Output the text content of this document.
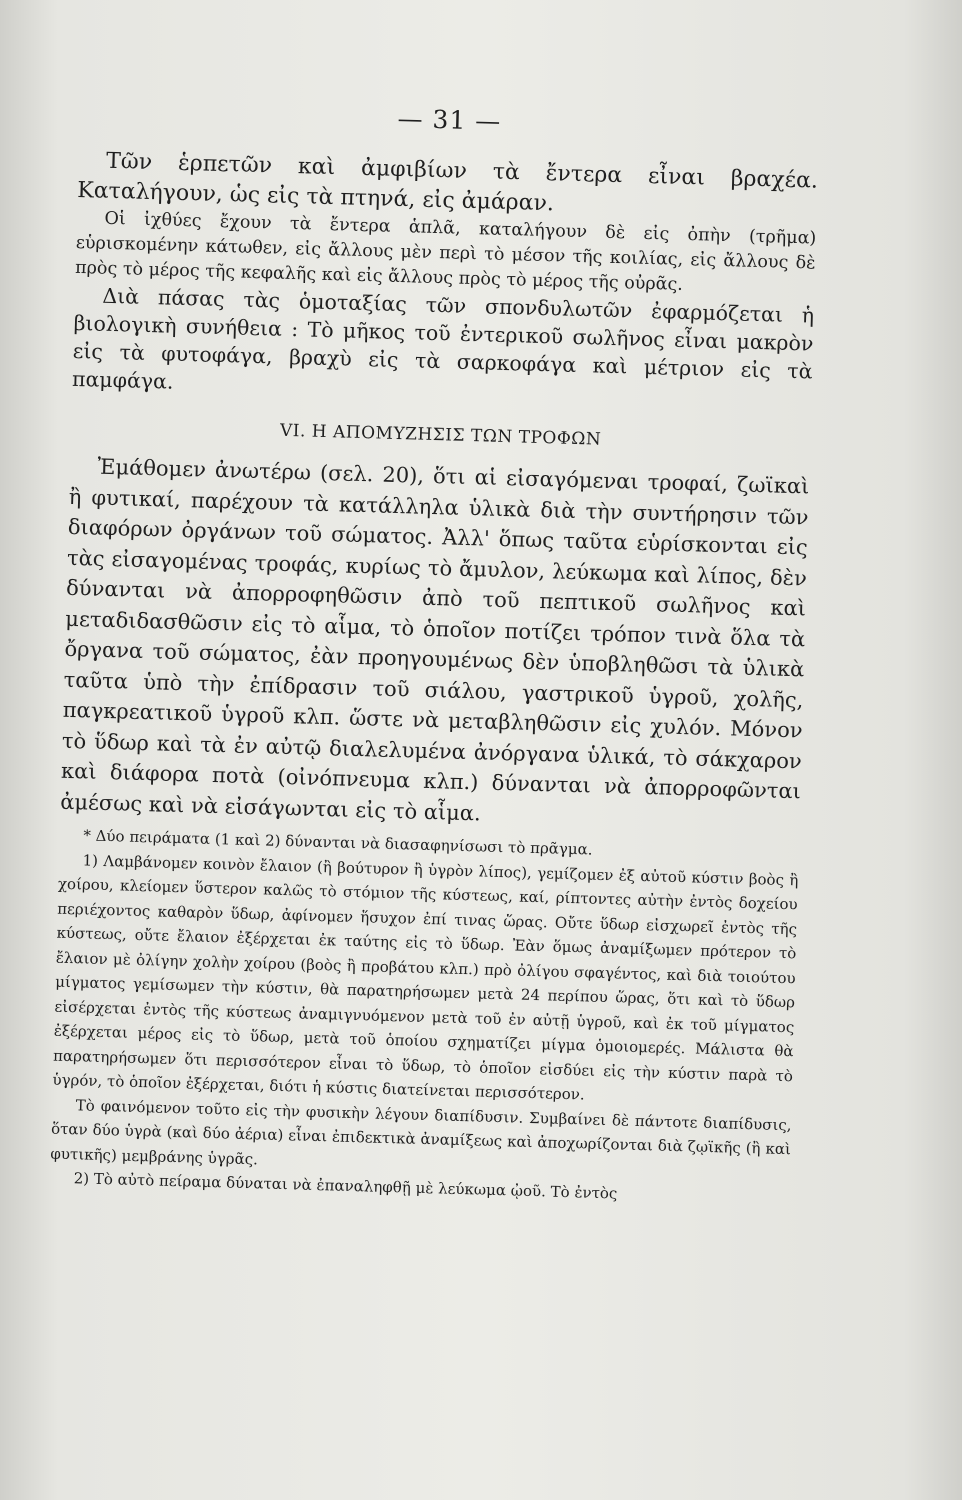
— 31 —

Τῶν ἑρπετῶν καὶ ἀμφιβίων τὰ ἔντερα εἶναι βραχέα. Καταλήγουν, ὡς εἰς τὰ πτηνά, εἰς ἀμάραν.

Οἱ ἰχθύες ἔχουν τὰ ἔντερα ἁπλᾶ, καταλήγουν δὲ εἰς ὀπὴν (τρῆμα) εὑρισκομένην κάτωθεν, εἰς ἄλλους μὲν περὶ τὸ μέσον τῆς κοιλίας, εἰς ἄλλους δὲ πρὸς τὸ μέρος τῆς κεφαλῆς καὶ εἰς ἄλλους πρὸς τὸ μέρος τῆς οὐρᾶς.

Διὰ πάσας τὰς ὁμοταξίας τῶν σπονδυλωτῶν ἐφαρμόζεται ἡ βιολογικὴ συνήθεια : Τὸ μῆκος τοῦ ἐντερικοῦ σωλῆνος εἶναι μακρὸν εἰς τὰ φυτοφάγα, βραχὺ εἰς τὰ σαρκοφάγα καὶ μέτριον εἰς τὰ παμφάγα.

VI. Η ΑΠΟΜΥΖΗΣΙΣ ΤΩΝ ΤΡΟΦΩΝ

Ἐμάθομεν ἀνωτέρω (σελ. 20), ὅτι αἱ εἰσαγόμεναι τροφαί, ζωϊκαὶ ἢ φυτικαί, παρέχουν τὰ κατάλληλα ὑλικὰ διὰ τὴν συντήρησιν τῶν διαφόρων ὀργάνων τοῦ σώματος. Ἀλλ' ὅπως ταῦτα εὑρίσκονται εἰς τὰς εἰσαγομένας τροφάς, κυρίως τὸ ἄμυλον, λεύκωμα καὶ λίπος, δὲν δύνανται νὰ ἀπορροφηθῶσιν ἀπὸ τοῦ πεπτικοῦ σωλῆνος καὶ μεταδιδασθῶσιν εἰς τὸ αἷμα, τὸ ὁποῖον ποτίζει τρόπον τινὰ ὅλα τὰ ὄργανα τοῦ σώματος, ἐὰν προηγουμένως δὲν ὑποβληθῶσι τὰ ὑλικὰ ταῦτα ὑπὸ τὴν ἐπίδρασιν τοῦ σιάλου, γαστρικοῦ ὑγροῦ, χολῆς, παγκρεατικοῦ ὑγροῦ κλπ. ὥστε νὰ μεταβληθῶσιν εἰς χυλόν. Μόνον τὸ ὕδωρ καὶ τὰ ἐν αὐτῷ διαλελυμένα ἀνόργανα ὑλικά, τὸ σάκχαρον καὶ διάφορα ποτὰ (οἰνόπνευμα κλπ.) δύνανται νὰ ἀπορροφῶνται ἀμέσως καὶ νὰ εἰσάγωνται εἰς τὸ αἷμα.

* Δύο πειράματα (1 καὶ 2) δύνανται νὰ διασαφηνίσωσι τὸ πρᾶγμα.

1) Λαμβάνομεν κοινὸν ἔλαιον (ἢ βούτυρον ἢ ὑγρὸν λίπος), γεμίζομεν ἐξ αὐτοῦ κύστιν βοὸς ἢ χοίρου, κλείομεν ὕστερον καλῶς τὸ στόμιον τῆς κύστεως, καί, ρίπτοντες αὐτὴν ἐντὸς δοχείου περιέχοντος καθαρὸν ὕδωρ, ἀφίνομεν ἥσυχον ἐπί τινας ὥρας. Οὔτε ὕδωρ εἰσχωρεῖ ἐντὸς τῆς κύστεως, οὔτε ἔλαιον ἐξέρχεται ἐκ ταύτης εἰς τὸ ὕδωρ. Ἐὰν ὅμως ἀναμίξωμεν πρότερον τὸ ἔλαιον μὲ ὀλίγην χολὴν χοίρου (βοὸς ἢ προβάτου κλπ.) πρὸ ὀλίγου σφαγέντος, καὶ διὰ τοιούτου μίγματος γεμίσωμεν τὴν κύστιν, θὰ παρατηρήσωμεν μετὰ 24 περίπου ὥρας, ὅτι καὶ τὸ ὕδωρ εἰσέρχεται ἐντὸς τῆς κύστεως ἀναμιγνυόμενον μετὰ τοῦ ἐν αὐτῇ ὑγροῦ, καὶ ἐκ τοῦ μίγματος ἐξέρχεται μέρος εἰς τὸ ὕδωρ, μετὰ τοῦ ὁποίου σχηματίζει μίγμα ὁμοιομερές. Μάλιστα θὰ παρατηρήσωμεν ὅτι περισσότερον εἶναι τὸ ὕδωρ, τὸ ὁποῖον εἰσδύει εἰς τὴν κύστιν παρὰ τὸ ὑγρόν, τὸ ὁποῖον ἐξέρχεται, διότι ἡ κύστις διατείνεται περισσότερον.

Τὸ φαινόμενον τοῦτο εἰς τὴν φυσικὴν λέγουν διαπίδυσιν. Συμβαίνει δὲ πάντοτε διαπίδυσις, ὅταν δύο ὑγρὰ (καὶ δύο ἀέρια) εἶναι ἐπιδεκτικὰ ἀναμίξεως καὶ ἀποχωρίζονται διὰ ζῳϊκῆς (ἢ καὶ φυτικῆς) μεμβράνης ὑγρᾶς.

2) Τὸ αὐτὸ πείραμα δύναται νὰ ἐπαναληφθῇ μὲ λεύκωμα ᾠοῦ. Τὸ ἐντὸς
